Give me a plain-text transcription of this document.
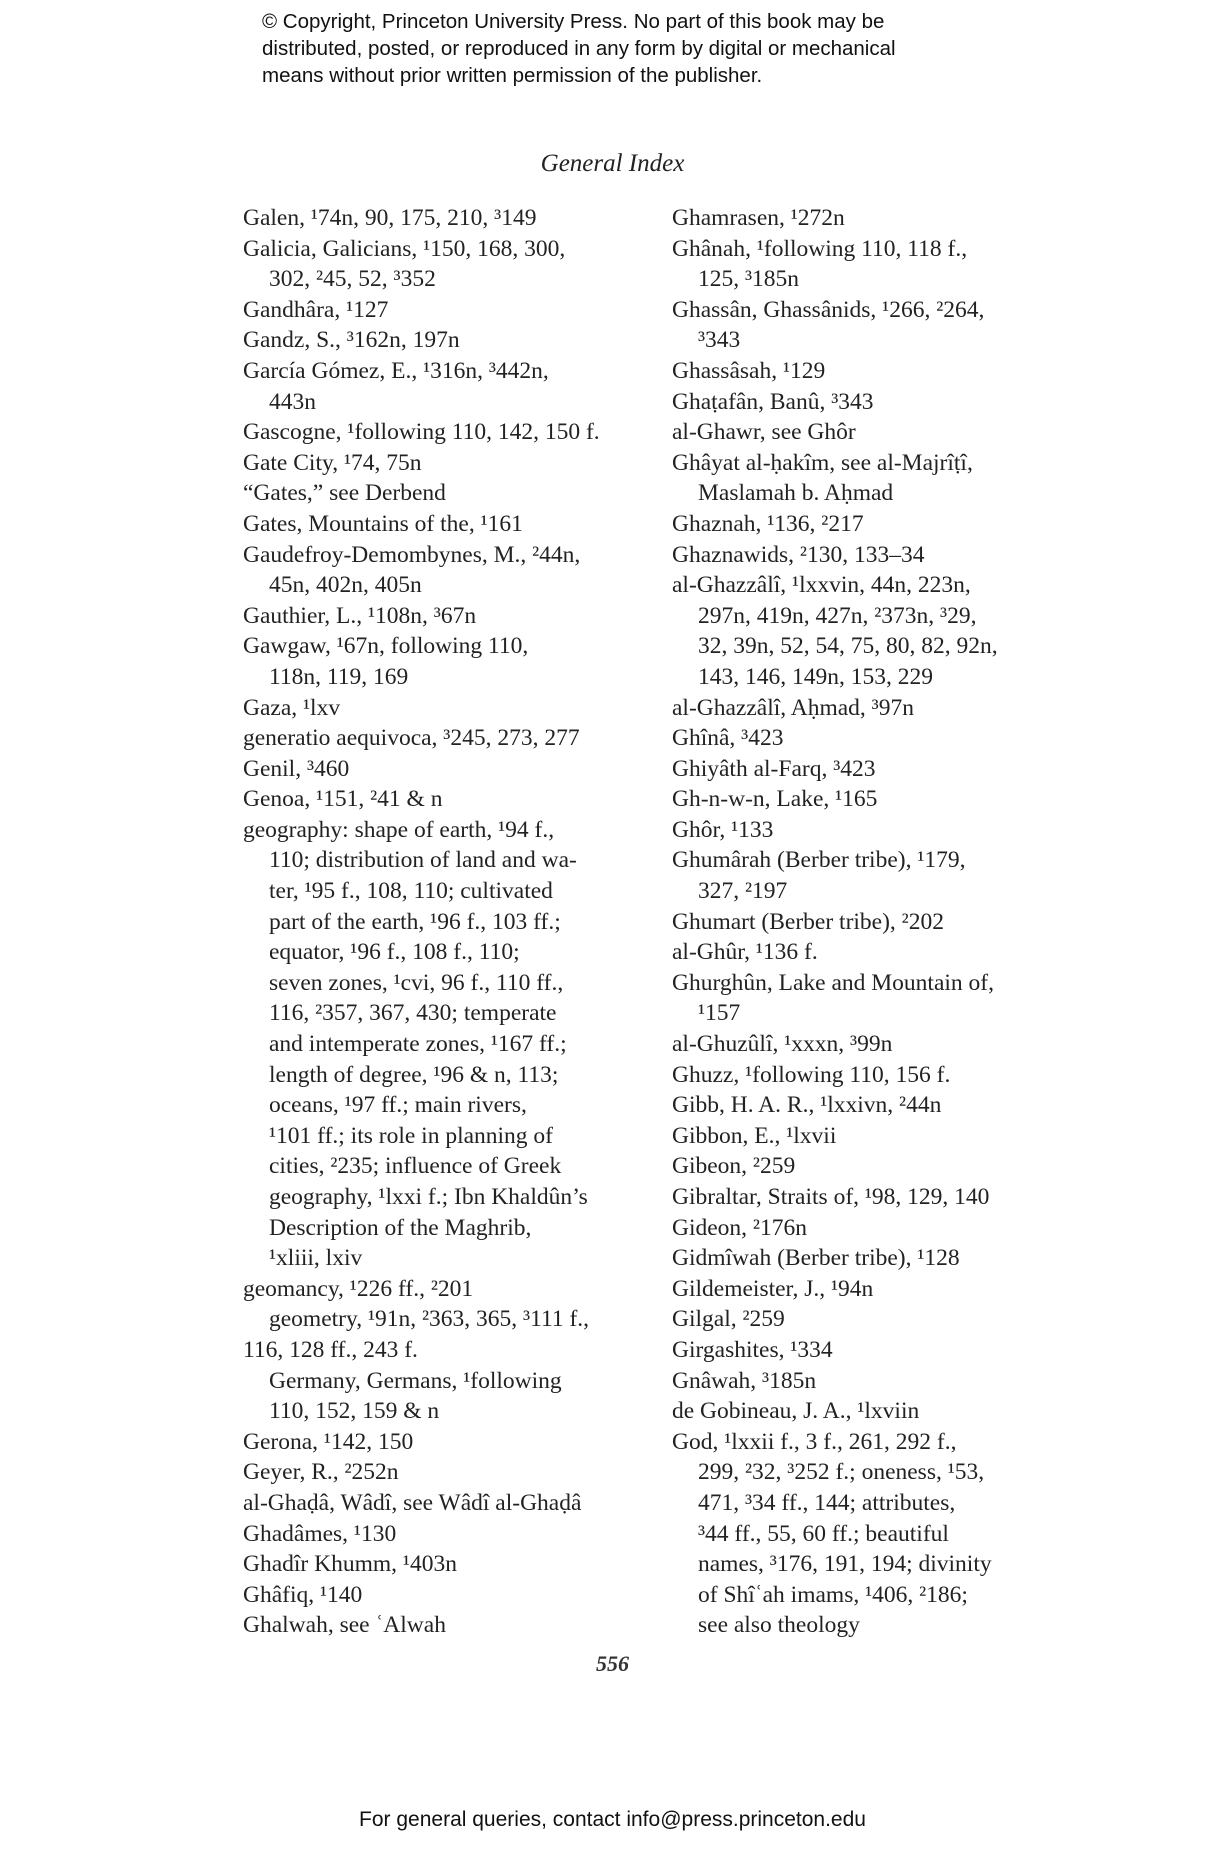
© Copyright, Princeton University Press. No part of this book may be
distributed, posted, or reproduced in any form by digital or mechanical
means without prior written permission of the publisher.
General Index
Galen, ¹74n, 90, 175, 210, ³149
Galicia, Galicians, ¹150, 168, 300,
302, ²45, 52, ³352
Gandhâra, ¹127
Gandz, S., ³162n, 197n
García Gómez, E., ¹316n, ³442n,
443n
Gascogne, ¹following 110, 142, 150 f.
Gate City, ¹74, 75n
“Gates,” see Derbend
Gates, Mountains of the, ¹161
Gaudefroy-Demombynes, M., ²44n,
45n, 402n, 405n
Gauthier, L., ¹108n, ³67n
Gawgaw, ¹67n, following 110,
118n, 119, 169
Gaza, ¹lxv
generatio aequivoca, ³245, 273, 277
Genil, ³460
Genoa, ¹151, ²41 & n
geography: shape of earth, ¹94 f.,
110; distribution of land and wa-
ter, ¹95 f., 108, 110; cultivated
part of the earth, ¹96 f., 103 ff.;
equator, ¹96 f., 108 f., 110;
seven zones, ¹cvi, 96 f., 110 ff.,
116, ²357, 367, 430; temperate
and intemperate zones, ¹167 ff.;
length of degree, ¹96 & n, 113;
oceans, ¹97 ff.; main rivers,
¹101 ff.; its role in planning of
cities, ²235; influence of Greek
geography, ¹lxxi f.; Ibn Khaldûn’s
Description of the Maghrib,
¹xliii, lxiv
geomancy, ¹226 ff., ²201
geometry, ¹91n, ²363, 365, ³111 f.,
116, 128 ff., 243 f.
Germany, Germans, ¹following
110, 152, 159 & n
Gerona, ¹142, 150
Geyer, R., ²252n
al-Ghaḍâ, Wâdî, see Wâdî al-Ghaḍâ
Ghadâmes, ¹130
Ghadîr Khumm, ¹403n
Ghâfiq, ¹140
Ghalwah, see ʿAlwah
Ghamrasen, ¹272n
Ghânah, ¹following 110, 118 f.,
125, ³185n
Ghassân, Ghassânids, ¹266, ²264,
³343
Ghassâsah, ¹129
Ghaṭafân, Banû, ³343
al-Ghawr, see Ghôr
Ghâyat al-ḥakîm, see al-Majrîṭî,
Maslamah b. Aḥmad
Ghaznah, ¹136, ²217
Ghaznawids, ²130, 133–34
al-Ghazzâlî, ¹lxxvin, 44n, 223n,
297n, 419n, 427n, ²373n, ³29,
32, 39n, 52, 54, 75, 80, 82, 92n,
143, 146, 149n, 153, 229
al-Ghazzâlî, Aḥmad, ³97n
Ghînâ, ³423
Ghiyâth al-Farq, ³423
Gh-n-w-n, Lake, ¹165
Ghôr, ¹133
Ghumârah (Berber tribe), ¹179,
327, ²197
Ghumart (Berber tribe), ²202
al-Ghûr, ¹136 f.
Ghurghûn, Lake and Mountain of,
¹157
al-Ghuzûlî, ¹xxxn, ³99n
Ghuzz, ¹following 110, 156 f.
Gibb, H. A. R., ¹lxxivn, ²44n
Gibbon, E., ¹lxvii
Gibeon, ²259
Gibraltar, Straits of, ¹98, 129, 140
Gideon, ²176n
Gidmîwah (Berber tribe), ¹128
Gildemeister, J., ¹94n
Gilgal, ²259
Girgashites, ¹334
Gnâwah, ³185n
de Gobineau, J. A., ¹lxviin
God, ¹lxxii f., 3 f., 261, 292 f.,
299, ²32, ³252 f.; oneness, ¹53,
471, ³34 ff., 144; attributes,
³44 ff., 55, 60 ff.; beautiful
names, ³176, 191, 194; divinity
of Shîʿah imams, ¹406, ²186;
see also theology
556
For general queries, contact info@press.princeton.edu
